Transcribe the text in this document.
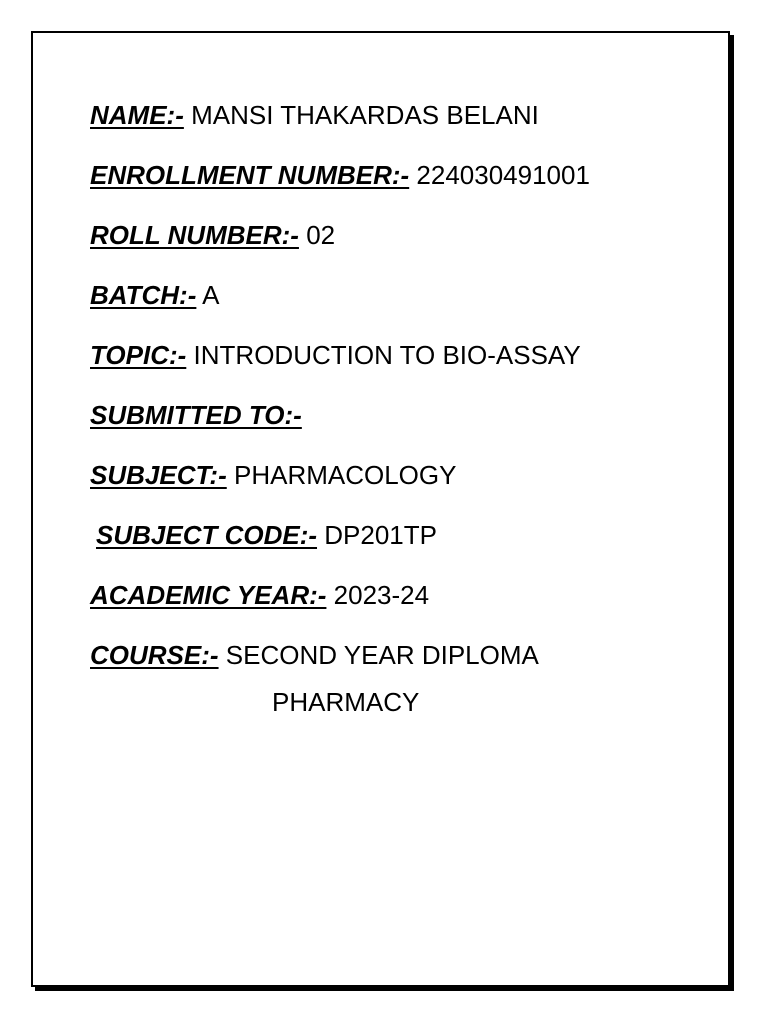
NAME:- MANSI THAKARDAS BELANI
ENROLLMENT NUMBER:- 224030491001
ROLL NUMBER:- 02
BATCH:- A
TOPIC:- INTRODUCTION TO BIO-ASSAY
SUBMITTED TO:-
SUBJECT:- PHARMACOLOGY
SUBJECT CODE:- DP201TP
ACADEMIC YEAR:- 2023-24
COURSE:- SECOND YEAR DIPLOMA
PHARMACY
